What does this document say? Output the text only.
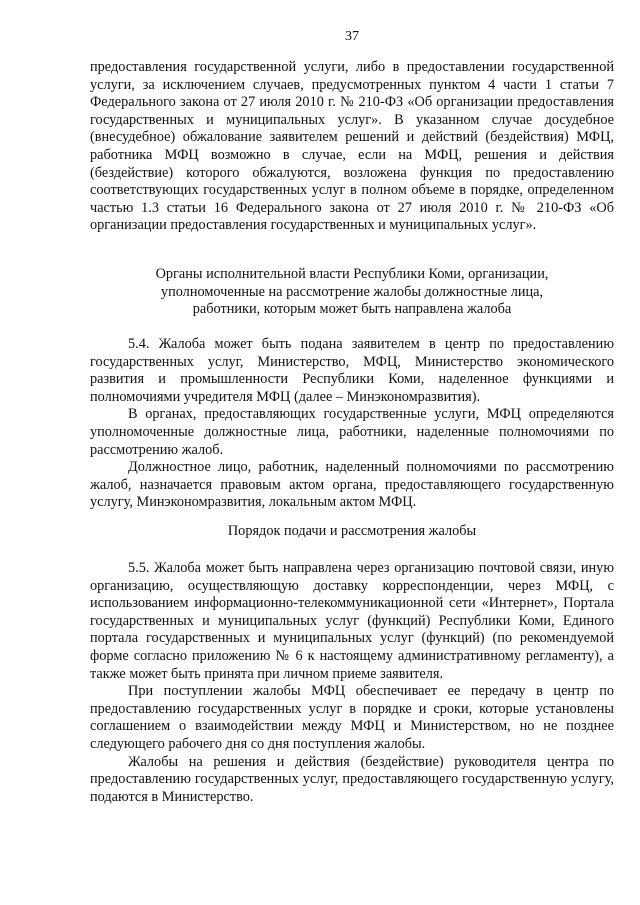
37

предоставления государственной услуги, либо в предоставлении государственной услуги, за исключением случаев, предусмотренных пунктом 4 части 1 статьи 7 Федерального закона от 27 июля 2010 г. № 210-ФЗ «Об организации предоставления государственных и муниципальных услуг». В указанном случае досудебное (внесудебное) обжалование заявителем решений и действий (бездействия) МФЦ, работника МФЦ возможно в случае, если на МФЦ, решения и действия (бездействие) которого обжалуются, возложена функция по предоставлению соответствующих государственных услуг в полном объеме в порядке, определенном частью 1.3 статьи 16 Федерального закона от 27 июля 2010 г. № 210-ФЗ «Об организации предоставления государственных и муниципальных услуг».

Органы исполнительной власти Республики Коми, организации,

уполномоченные на рассмотрение жалобы должностные лица,

работники, которым может быть направлена жалоба

5.4. Жалоба может быть подана заявителем в центр по предоставлению государственных услуг, Министерство, МФЦ, Министерство экономического развития и промышленности Республики Коми, наделенное функциями и полномочиями учредителя МФЦ (далее – Минэкономразвития).

В органах, предоставляющих государственные услуги, МФЦ определяются уполномоченные должностные лица, работники, наделенные полномочиями по рассмотрению жалоб.

Должностное лицо, работник, наделенный полномочиями по рассмотрению жалоб, назначается правовым актом органа, предоставляющего государственную услугу, Минэкономразвития, локальным актом МФЦ.

Порядок подачи и рассмотрения жалобы

5.5. Жалоба может быть направлена через организацию почтовой связи, иную организацию, осуществляющую доставку корреспонденции, через МФЦ, с использованием информационно-телекоммуникационной сети «Интернет», Портала государственных и муниципальных услуг (функций) Республики Коми, Единого портала государственных и муниципальных услуг (функций) (по рекомендуемой форме согласно приложению № 6 к настоящему административному регламенту), а также может быть принята при личном приеме заявителя.

При поступлении жалобы МФЦ обеспечивает ее передачу в центр по предоставлению государственных услуг в порядке и сроки, которые установлены соглашением о взаимодействии между МФЦ и Министерством, но не позднее следующего рабочего дня со дня поступления жалобы.

Жалобы на решения и действия (бездействие) руководителя центра по предоставлению государственных услуг, предоставляющего государственную услугу, подаются в Министерство.
